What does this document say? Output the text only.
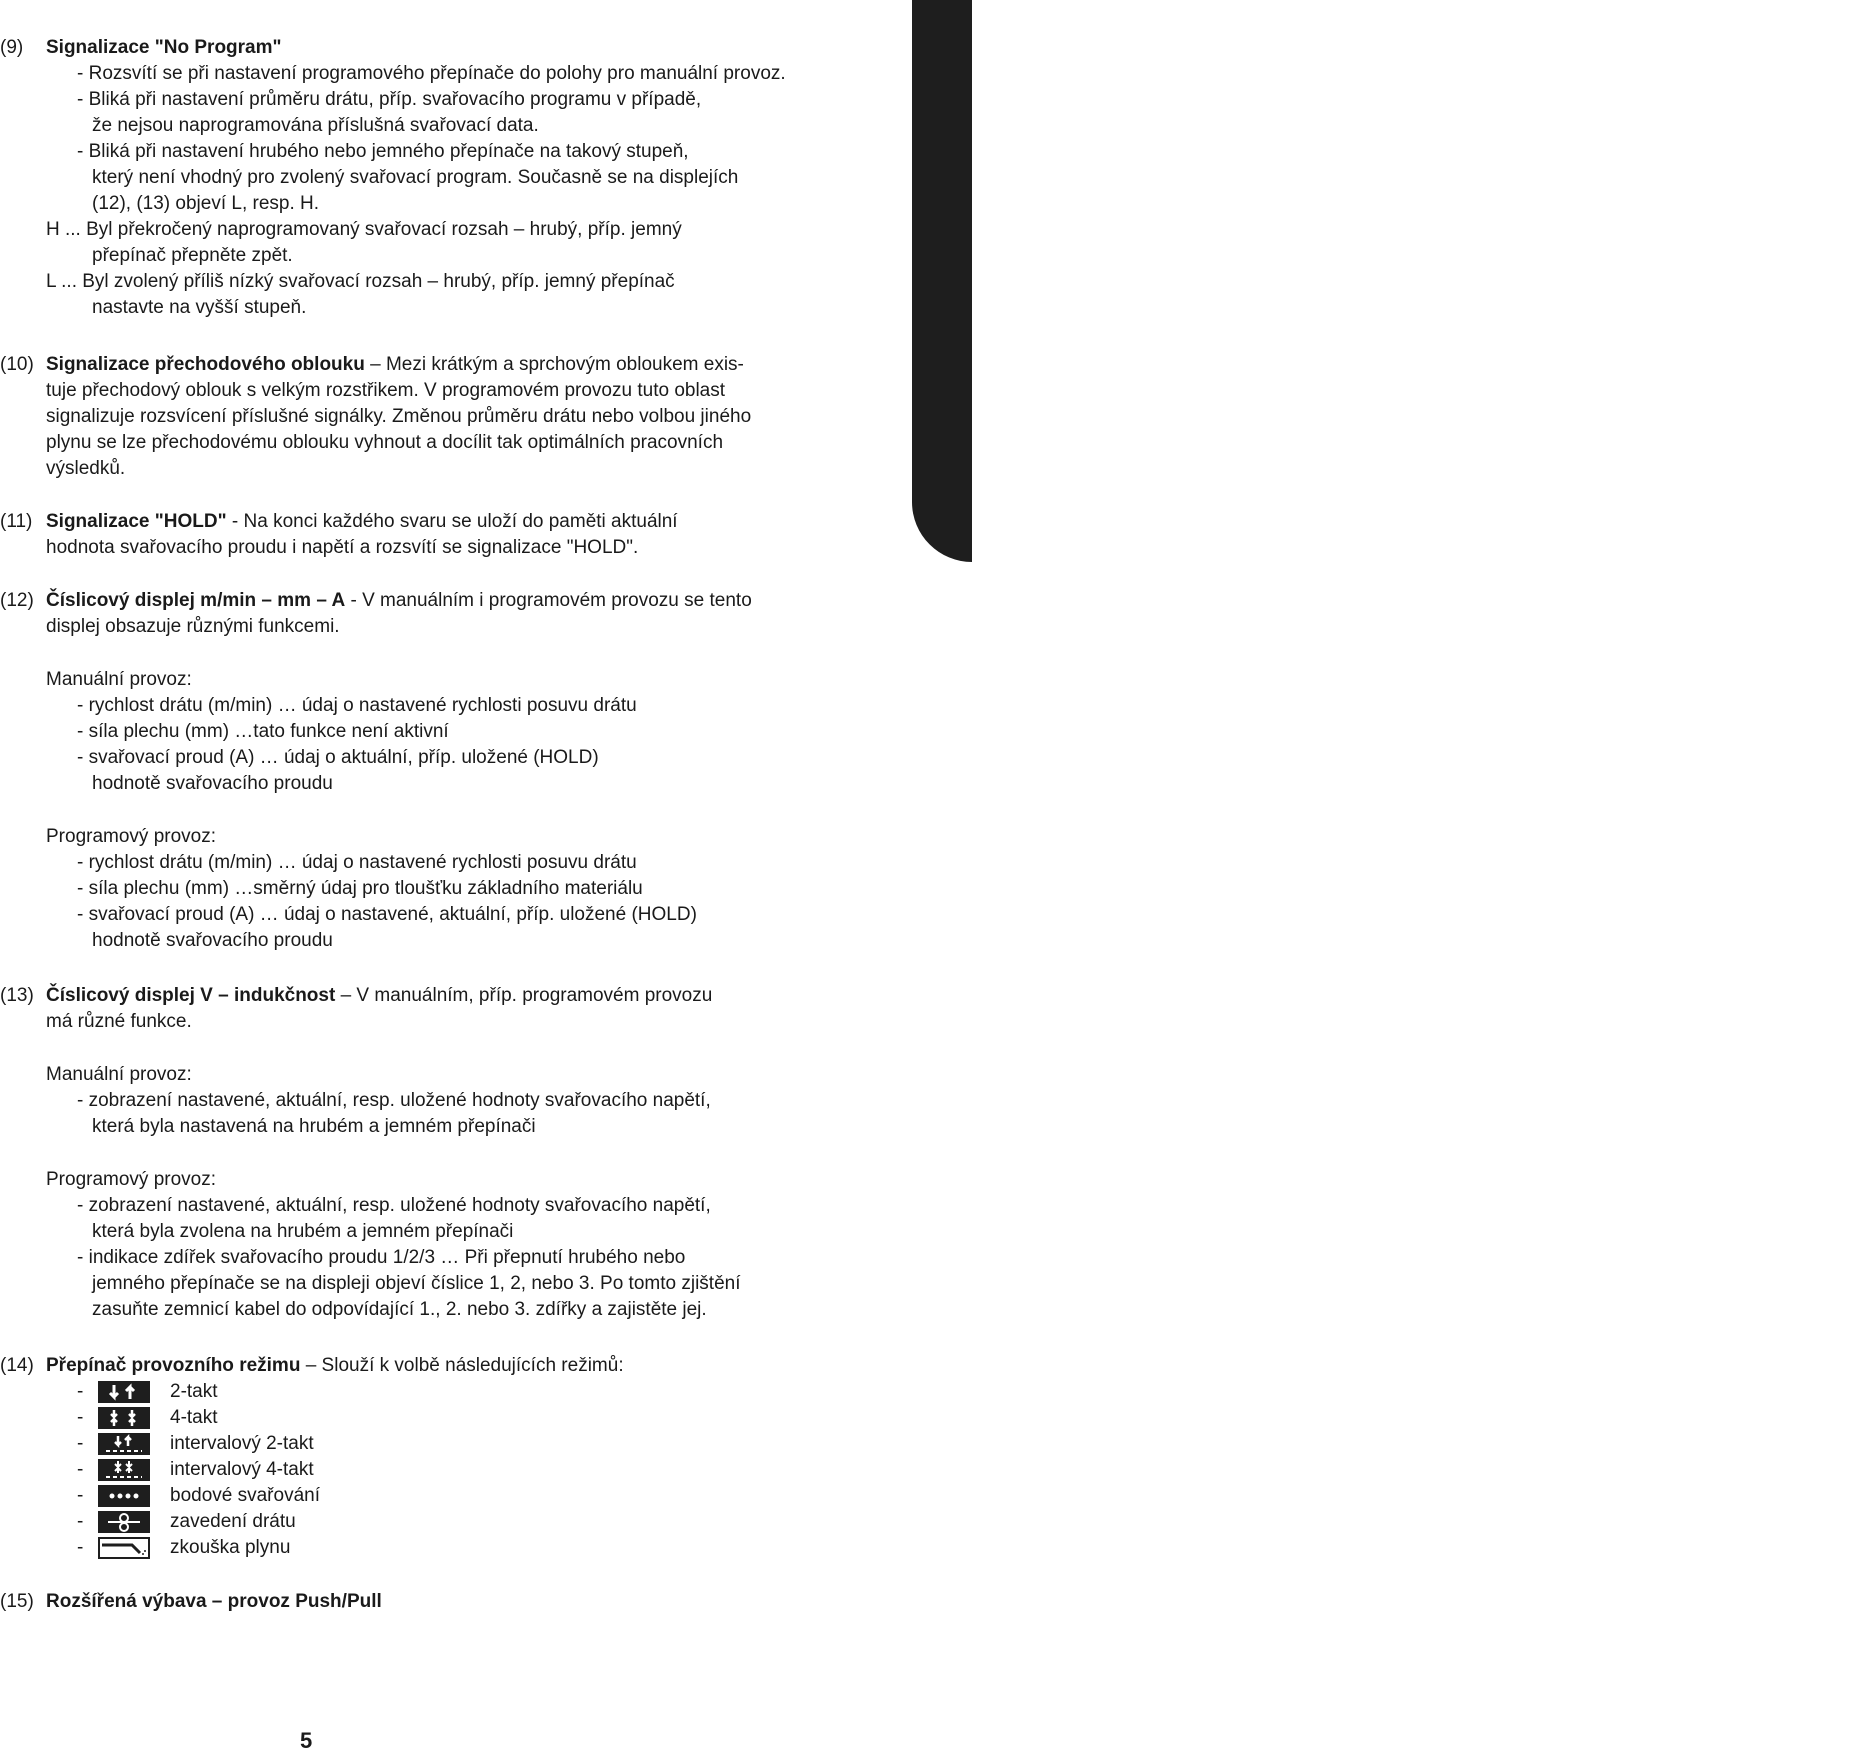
ČESKY
(9) Signalizace "No Program"
- Rozsvítí se při nastavení programového přepínače do polohy pro manuální provoz.
- Bliká při nastavení průměru drátu, příp. svařovacího programu v případě,
že nejsou naprogramována příslušná svařovací data.
- Bliká při nastavení hrubého nebo jemného přepínače na takový stupeň,
který není vhodný pro zvolený svařovací program. Současně se na displejích
(12), (13) objeví L, resp. H.
H ... Byl překročený naprogramovaný svařovací rozsah – hrubý, příp. jemný
přepínač přepněte zpět.
L ... Byl zvolený příliš nízký svařovací rozsah – hrubý, příp. jemný přepínač
nastavte na vyšší stupeň.
(10) Signalizace přechodového oblouku – Mezi krátkým a sprchovým obloukem exis-
tuje přechodový oblouk s velkým rozstřikem. V programovém provozu tuto oblast
signalizuje rozsvícení příslušné signálky. Změnou průměru drátu nebo volbou jiného
plynu se lze přechodovému oblouku vyhnout a docílit tak optimálních pracovních
výsledků.
(11) Signalizace "HOLD" - Na konci každého svaru se uloží do paměti aktuální
hodnota svařovacího proudu i napětí a rozsvítí se signalizace "HOLD".
(12) Číslicový displej m/min – mm – A - V manuálním i programovém provozu se tento
displej obsazuje různými funkcemi.
Manuální provoz:
- rychlost drátu (m/min) … údaj o nastavené rychlosti posuvu drátu
- síla plechu (mm) …tato funkce není aktivní
- svařovací proud (A) … údaj o aktuální, příp. uložené (HOLD)
hodnotě svařovacího proudu
Programový provoz:
- rychlost drátu (m/min) … údaj o nastavené rychlosti posuvu drátu
- síla plechu (mm) …směrný údaj pro tloušťku základního materiálu
- svařovací proud (A) … údaj o nastavené, aktuální, příp. uložené (HOLD)
hodnotě svařovacího proudu
(13) Číslicový displej V – indukčnost – V manuálním, příp. programovém provozu
má různé funkce.
Manuální provoz:
- zobrazení nastavené, aktuální, resp. uložené hodnoty svařovacího napětí,
která byla nastavená na hrubém a jemném přepínači
Programový provoz:
- zobrazení nastavené, aktuální, resp. uložené hodnoty svařovacího napětí,
která byla zvolena na hrubém a jemném přepínači
- indikace zdířek svařovacího proudu 1/2/3 … Při přepnutí hrubého nebo
jemného přepínače se na displeji objeví číslice 1, 2, nebo 3. Po tomto zjištění
zasuňte zemnicí kabel do odpovídající 1., 2. nebo 3. zdířky a zajistěte jej.
(14) Přepínač provozního režimu – Slouží k volbě následujících režimů:
-	2-takt
-	4-takt
-	intervalový 2-takt
-	intervalový 4-takt
-	bodové svařování
-	zavedení drátu
-	zkouška plynu
(15) Rozšířená výbava – provoz Push/Pull
5
